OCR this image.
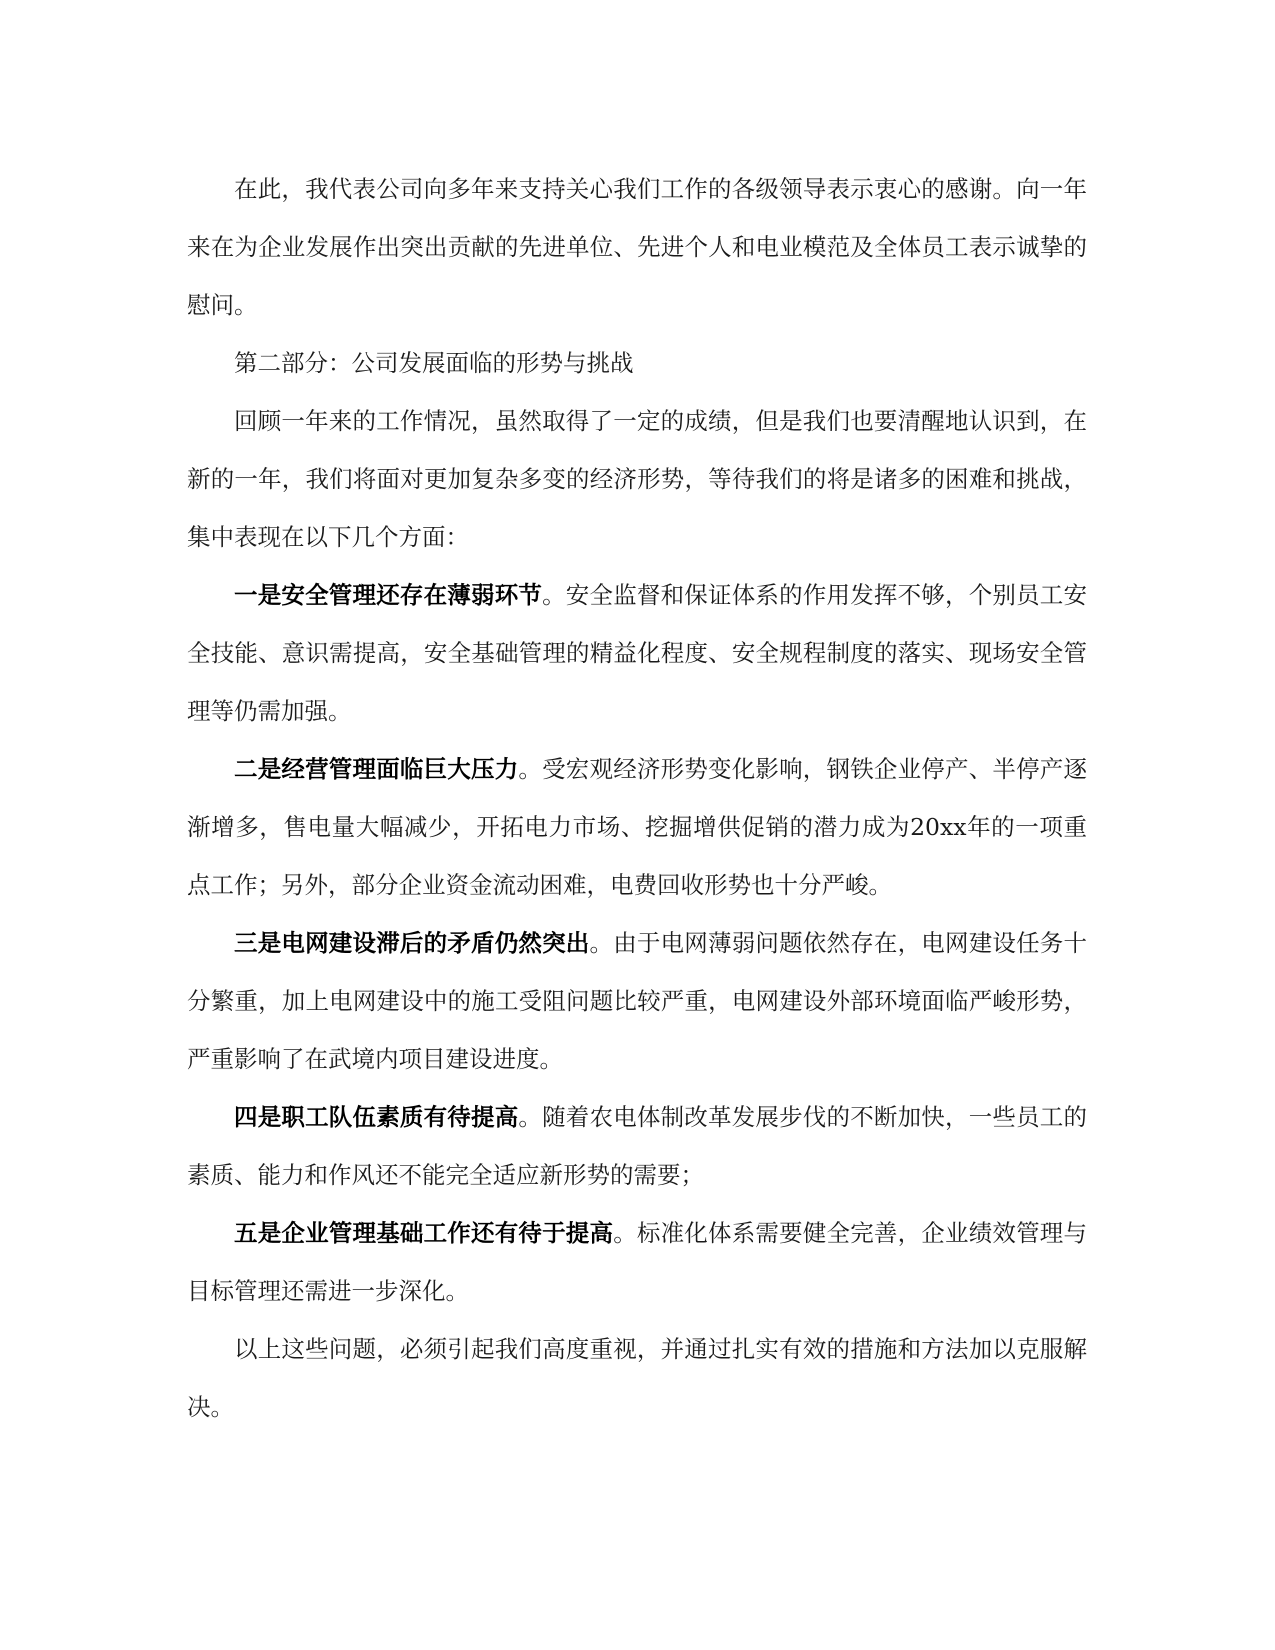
在此，我代表公司向多年来支持关心我们工作的各级领导表示衷心的感谢。向一年来在为企业发展作出突出贡献的先进单位、先进个人和电业模范及全体员工表示诚挚的慰问。

第二部分：公司发展面临的形势与挑战

回顾一年来的工作情况，虽然取得了一定的成绩，但是我们也要清醒地认识到，在新的一年，我们将面对更加复杂多变的经济形势，等待我们的将是诸多的困难和挑战，集中表现在以下几个方面：

一是安全管理还存在薄弱环节。安全监督和保证体系的作用发挥不够，个别员工安全技能、意识需提高，安全基础管理的精益化程度、安全规程制度的落实、现场安全管理等仍需加强。

二是经营管理面临巨大压力。受宏观经济形势变化影响，钢铁企业停产、半停产逐渐增多，售电量大幅减少，开拓电力市场、挖掘增供促销的潜力成为20xx年的一项重点工作；另外，部分企业资金流动困难，电费回收形势也十分严峻。

三是电网建设滞后的矛盾仍然突出。由于电网薄弱问题依然存在，电网建设任务十分繁重，加上电网建设中的施工受阻问题比较严重，电网建设外部环境面临严峻形势，严重影响了在武境内项目建设进度。

四是职工队伍素质有待提高。随着农电体制改革发展步伐的不断加快，一些员工的素质、能力和作风还不能完全适应新形势的需要；

五是企业管理基础工作还有待于提高。标准化体系需要健全完善，企业绩效管理与目标管理还需进一步深化。

以上这些问题，必须引起我们高度重视，并通过扎实有效的措施和方法加以克服解决。
